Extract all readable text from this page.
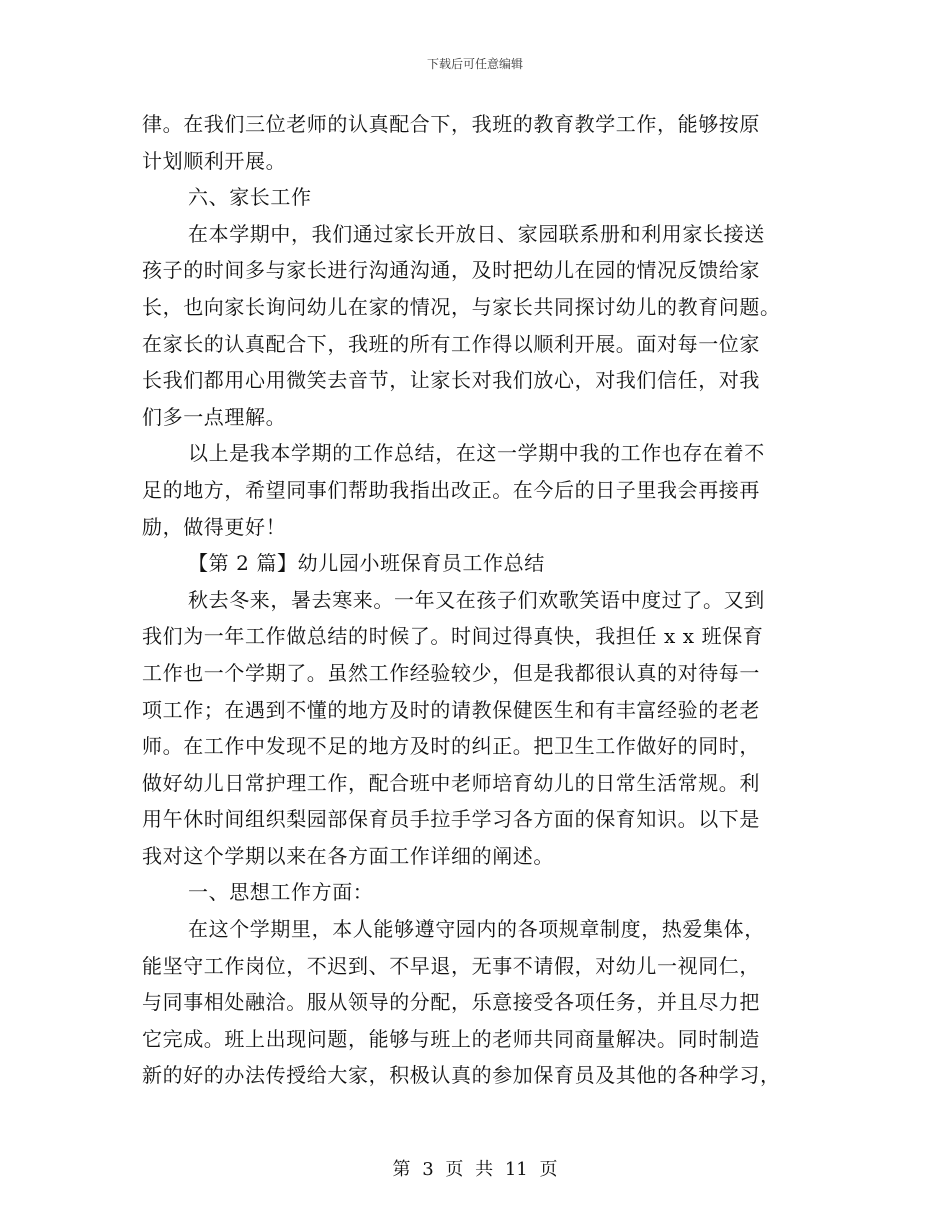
下载后可任意编辑
律。在我们三位老师的认真配合下，我班的教育教学工作，能够按原
计划顺利开展。
六、家长工作
在本学期中，我们通过家长开放日、家园联系册和利用家长接送
孩子的时间多与家长进行沟通沟通，及时把幼儿在园的情况反馈给家
长，也向家长询问幼儿在家的情况，与家长共同探讨幼儿的教育问题。
在家长的认真配合下，我班的所有工作得以顺利开展。面对每一位家
长我们都用心用微笑去音节，让家长对我们放心，对我们信任，对我
们多一点理解。
以上是我本学期的工作总结，在这一学期中我的工作也存在着不
足的地方，希望同事们帮助我指出改正。在今后的日子里我会再接再
励，做得更好！
【第 2 篇】幼儿园小班保育员工作总结
秋去冬来，暑去寒来。一年又在孩子们欢歌笑语中度过了。又到
我们为一年工作做总结的时候了。时间过得真快，我担任 x x 班保育
工作也一个学期了。虽然工作经验较少，但是我都很认真的对待每一
项工作；在遇到不懂的地方及时的请教保健医生和有丰富经验的老老
师。在工作中发现不足的地方及时的纠正。把卫生工作做好的同时，
做好幼儿日常护理工作，配合班中老师培育幼儿的日常生活常规。利
用午休时间组织梨园部保育员手拉手学习各方面的保育知识。以下是
我对这个学期以来在各方面工作详细的阐述。
一、思想工作方面：
在这个学期里，本人能够遵守园内的各项规章制度，热爱集体，
能坚守工作岗位，不迟到、不早退，无事不请假，对幼儿一视同仁，
与同事相处融洽。服从领导的分配，乐意接受各项任务，并且尽力把
它完成。班上出现问题，能够与班上的老师共同商量解决。同时制造
新的好的办法传授给大家，积极认真的参加保育员及其他的各种学习，
第 3 页 共 11 页
